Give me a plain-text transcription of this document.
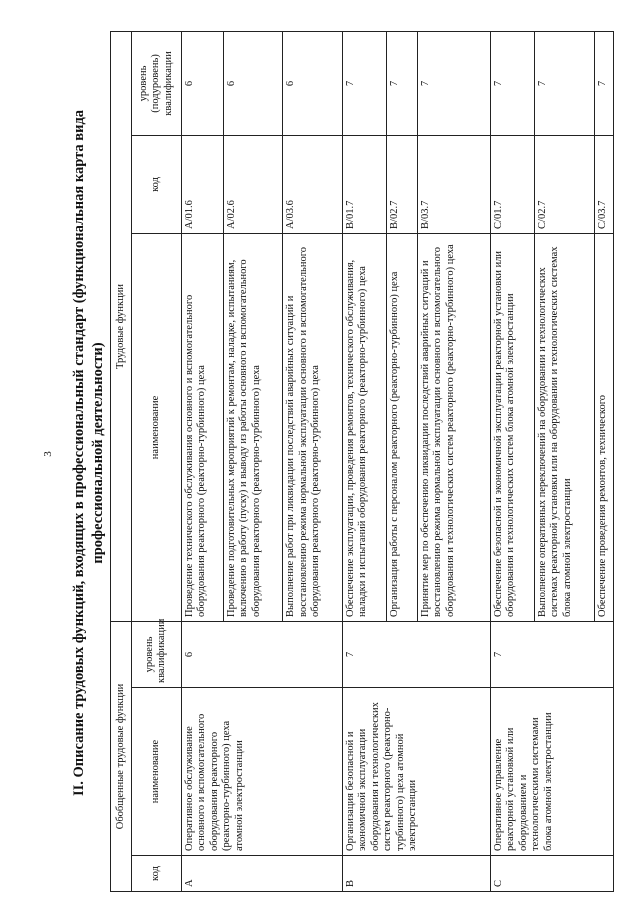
3 II. Описание трудовых функций, входящих в профессиональный стандарт (функциональная карта вида профессиональной деятельности)
Обобщенные трудовые функции			Трудовые функции		
код	наименование	уровень квалификации	наименование	код	уровень (подуровень) квалификации
A	Оперативное обслуживание основного и вспомогательного оборудования реакторного (реакторно-турбинного) цеха атомной электростанции	6	Проведение технического обслуживания основного и вспомогательного оборудования реакторного (реакторно-турбинного) цеха	A/01.6	6
			Проведение подготовительных мероприятий к ремонтам, наладке, испытаниям, включению в работу (пуску) и выводу из работы основного и вспомогательного оборудования реакторного (реакторно-турбинного) цеха	A/02.6	6
			Выполнение работ при ликвидации последствий аварийных ситуаций и восстановлению режима нормальной эксплуатации основного и вспомогательного оборудования реакторного (реакторно-турбинного) цеха	A/03.6	6
B	Организация безопасной и экономичной эксплуатации оборудования и технологических систем реакторного (реакторно-турбинного) цеха атомной электростанции	7	Обеспечение эксплуатации, проведения ремонтов, технического обслуживания, наладки и испытаний оборудования реакторного (реакторно-турбинного) цеха	B/01.7	7
			Организация работы с персоналом реакторного (реакторно-турбинного) цеха	B/02.7	7
			Принятие мер по обеспечению ликвидации последствий аварийных ситуаций и восстановлению режима нормальной эксплуатации основного и вспомогательного оборудования и технологических систем реакторного (реакторно-турбинного) цеха	B/03.7	7
C	Оперативное управление реакторной установкой или оборудованием и технологическими системами блока атомной электростанции	7	Обеспечение безопасной и экономичной эксплуатации реакторной установки или оборудования и технологических систем блока атомной электростанции	C/01.7	7
			Выполнение оперативных переключений на оборудовании и технологических системах реакторной установки или на оборудовании и технологических системах блока атомной электростанции	C/02.7	7
			Обеспечение проведения ремонтов, технического	C/03.7	7
